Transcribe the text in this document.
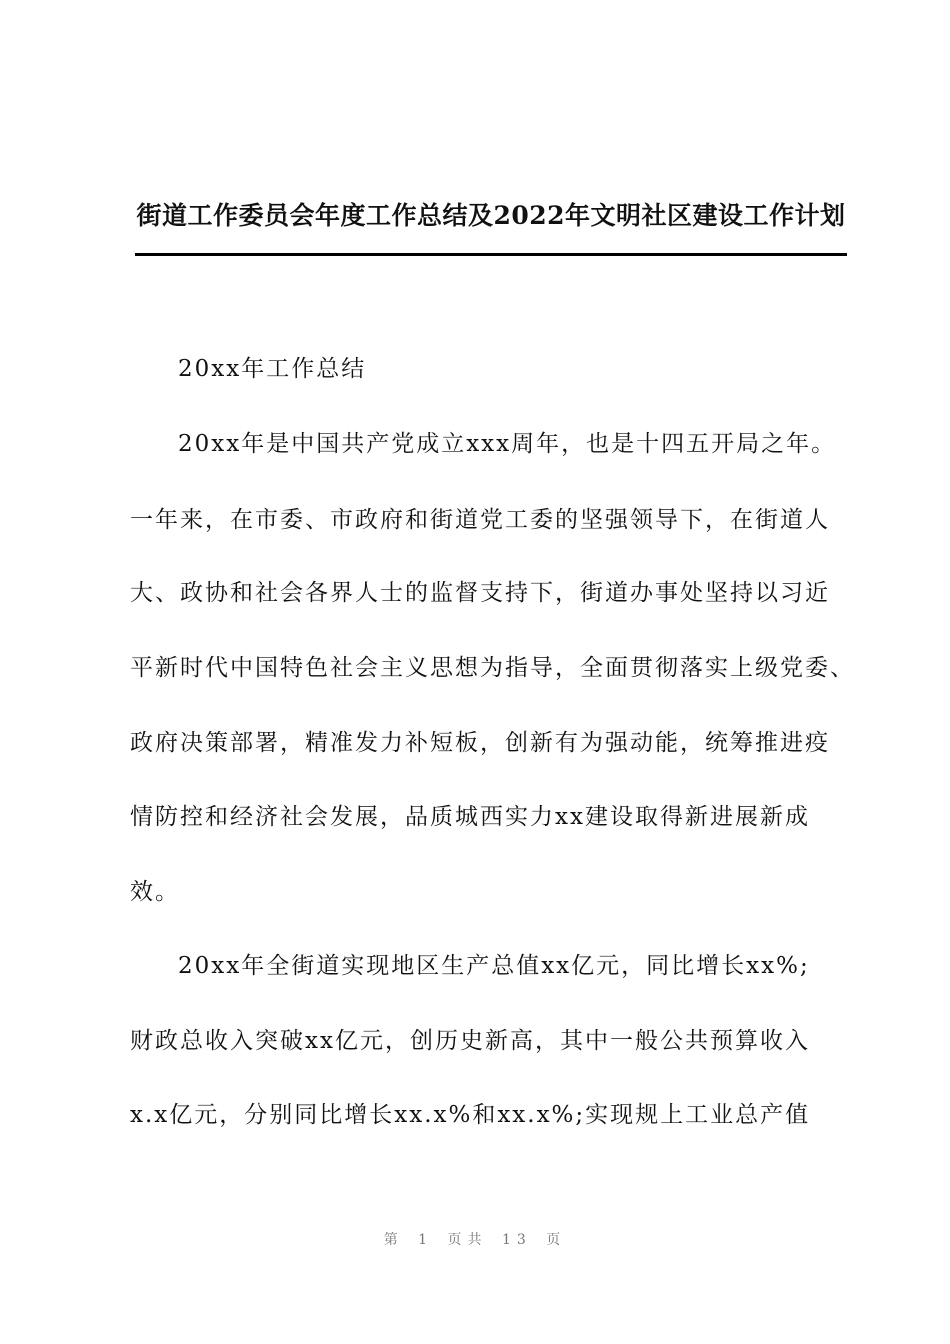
街道工作委员会年度工作总结及2022年文明社区建设工作计划
20xx年工作总结
20xx年是中国共产党成立xxx周年，也是十四五开局之年。
一年来，在市委、市政府和街道党工委的坚强领导下，在街道人
大、政协和社会各界人士的监督支持下，街道办事处坚持以习近
平新时代中国特色社会主义思想为指导，全面贯彻落实上级党委、
政府决策部署，精准发力补短板，创新有为强动能，统筹推进疫
情防控和经济社会发展，品质城西实力xx建设取得新进展新成
效。
20xx年全街道实现地区生产总值xx亿元，同比增长xx%;
财政总收入突破xx亿元，创历史新高，其中一般公共预算收入
x.x亿元，分别同比增长xx.x%和xx.x%;实现规上工业总产值
第 1 页共 13 页
